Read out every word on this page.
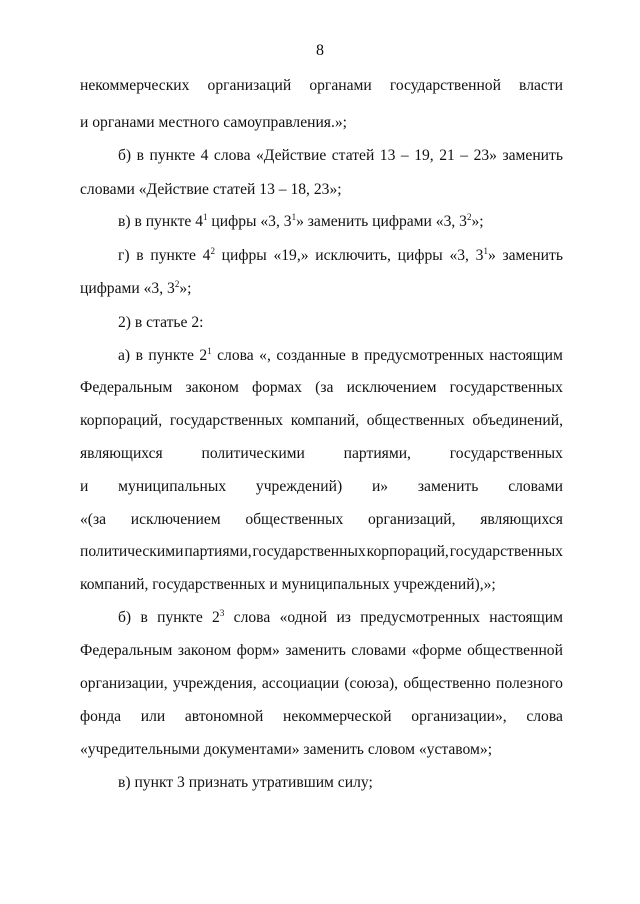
8
некоммерческих организаций органами государственной власти
и органами местного самоуправления.»;
б) в пункте 4 слова «Действие статей 13 – 19, 21 – 23» заменить
словами «Действие статей 13 – 18, 23»;
в) в пункте $4^1$ цифры «3, $3^1$» заменить цифрами «3, $3^2$»;
г) в пункте $4^2$ цифры «19,» исключить, цифры «3, $3^1$» заменить
цифрами «3, $3^2$»;
2) в статье 2:
а) в пункте $2^1$ слова «, созданные в предусмотренных настоящим
Федеральным законом формах (за исключением государственных
корпораций, государственных компаний, общественных объединений,
являющихся политическими партиями, государственных
и муниципальных учреждений) и» заменить словами
«(за исключением общественных организаций, являющихся
политическими партиями, государственных корпораций, государственных
компаний, государственных и муниципальных учреждений),»;
б) в пункте $2^3$ слова «одной из предусмотренных настоящим
Федеральным законом форм» заменить словами «форме общественной
организации, учреждения, ассоциации (союза), общественно полезного
фонда или автономной некоммерческой организации», слова
«учредительными документами» заменить словом «уставом»;
в) пункт 3 признать утратившим силу;
